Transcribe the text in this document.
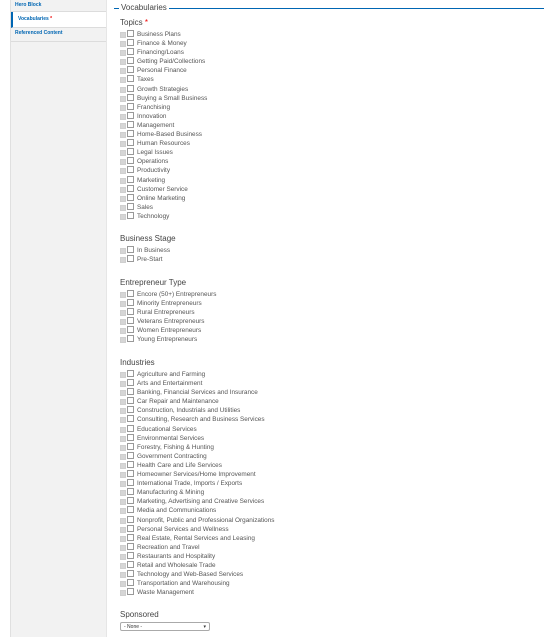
Hero Block
Vocabularies *
Referenced Content
Vocabularies
Topics *
Business Plans
Finance & Money
Financing/Loans
Getting Paid/Collections
Personal Finance
Taxes
Growth Strategies
Buying a Small Business
Franchising
Innovation
Management
Home-Based Business
Human Resources
Legal Issues
Operations
Productivity
Marketing
Customer Service
Online Marketing
Sales
Technology
Business Stage
In Business
Pre-Start
Entrepreneur Type
Encore (50+) Entrepreneurs
Minority Entrepreneurs
Rural Entrepreneurs
Veterans Entrepreneurs
Women Entrepreneurs
Young Entrepreneurs
Industries
Agriculture and Farming
Arts and Entertainment
Banking, Financial Services and Insurance
Car Repair and Maintenance
Construction, Industrials and Utilities
Consulting, Research and Business Services
Educational Services
Environmental Services
Forestry, Fishing & Hunting
Government Contracting
Health Care and Life Services
Homeowner Services/Home Improvement
International Trade, Imports / Exports
Manufacturing & Mining
Marketing, Advertising and Creative Services
Media and Communications
Nonprofit, Public and Professional Organizations
Personal Services and Wellness
Real Estate, Rental Services and Leasing
Recreation and Travel
Restaurants and Hospitality
Retail and Wholesale Trade
Technology and Web-Based Services
Transportation and Warehousing
Waste Management
Sponsored
- None -	▾
